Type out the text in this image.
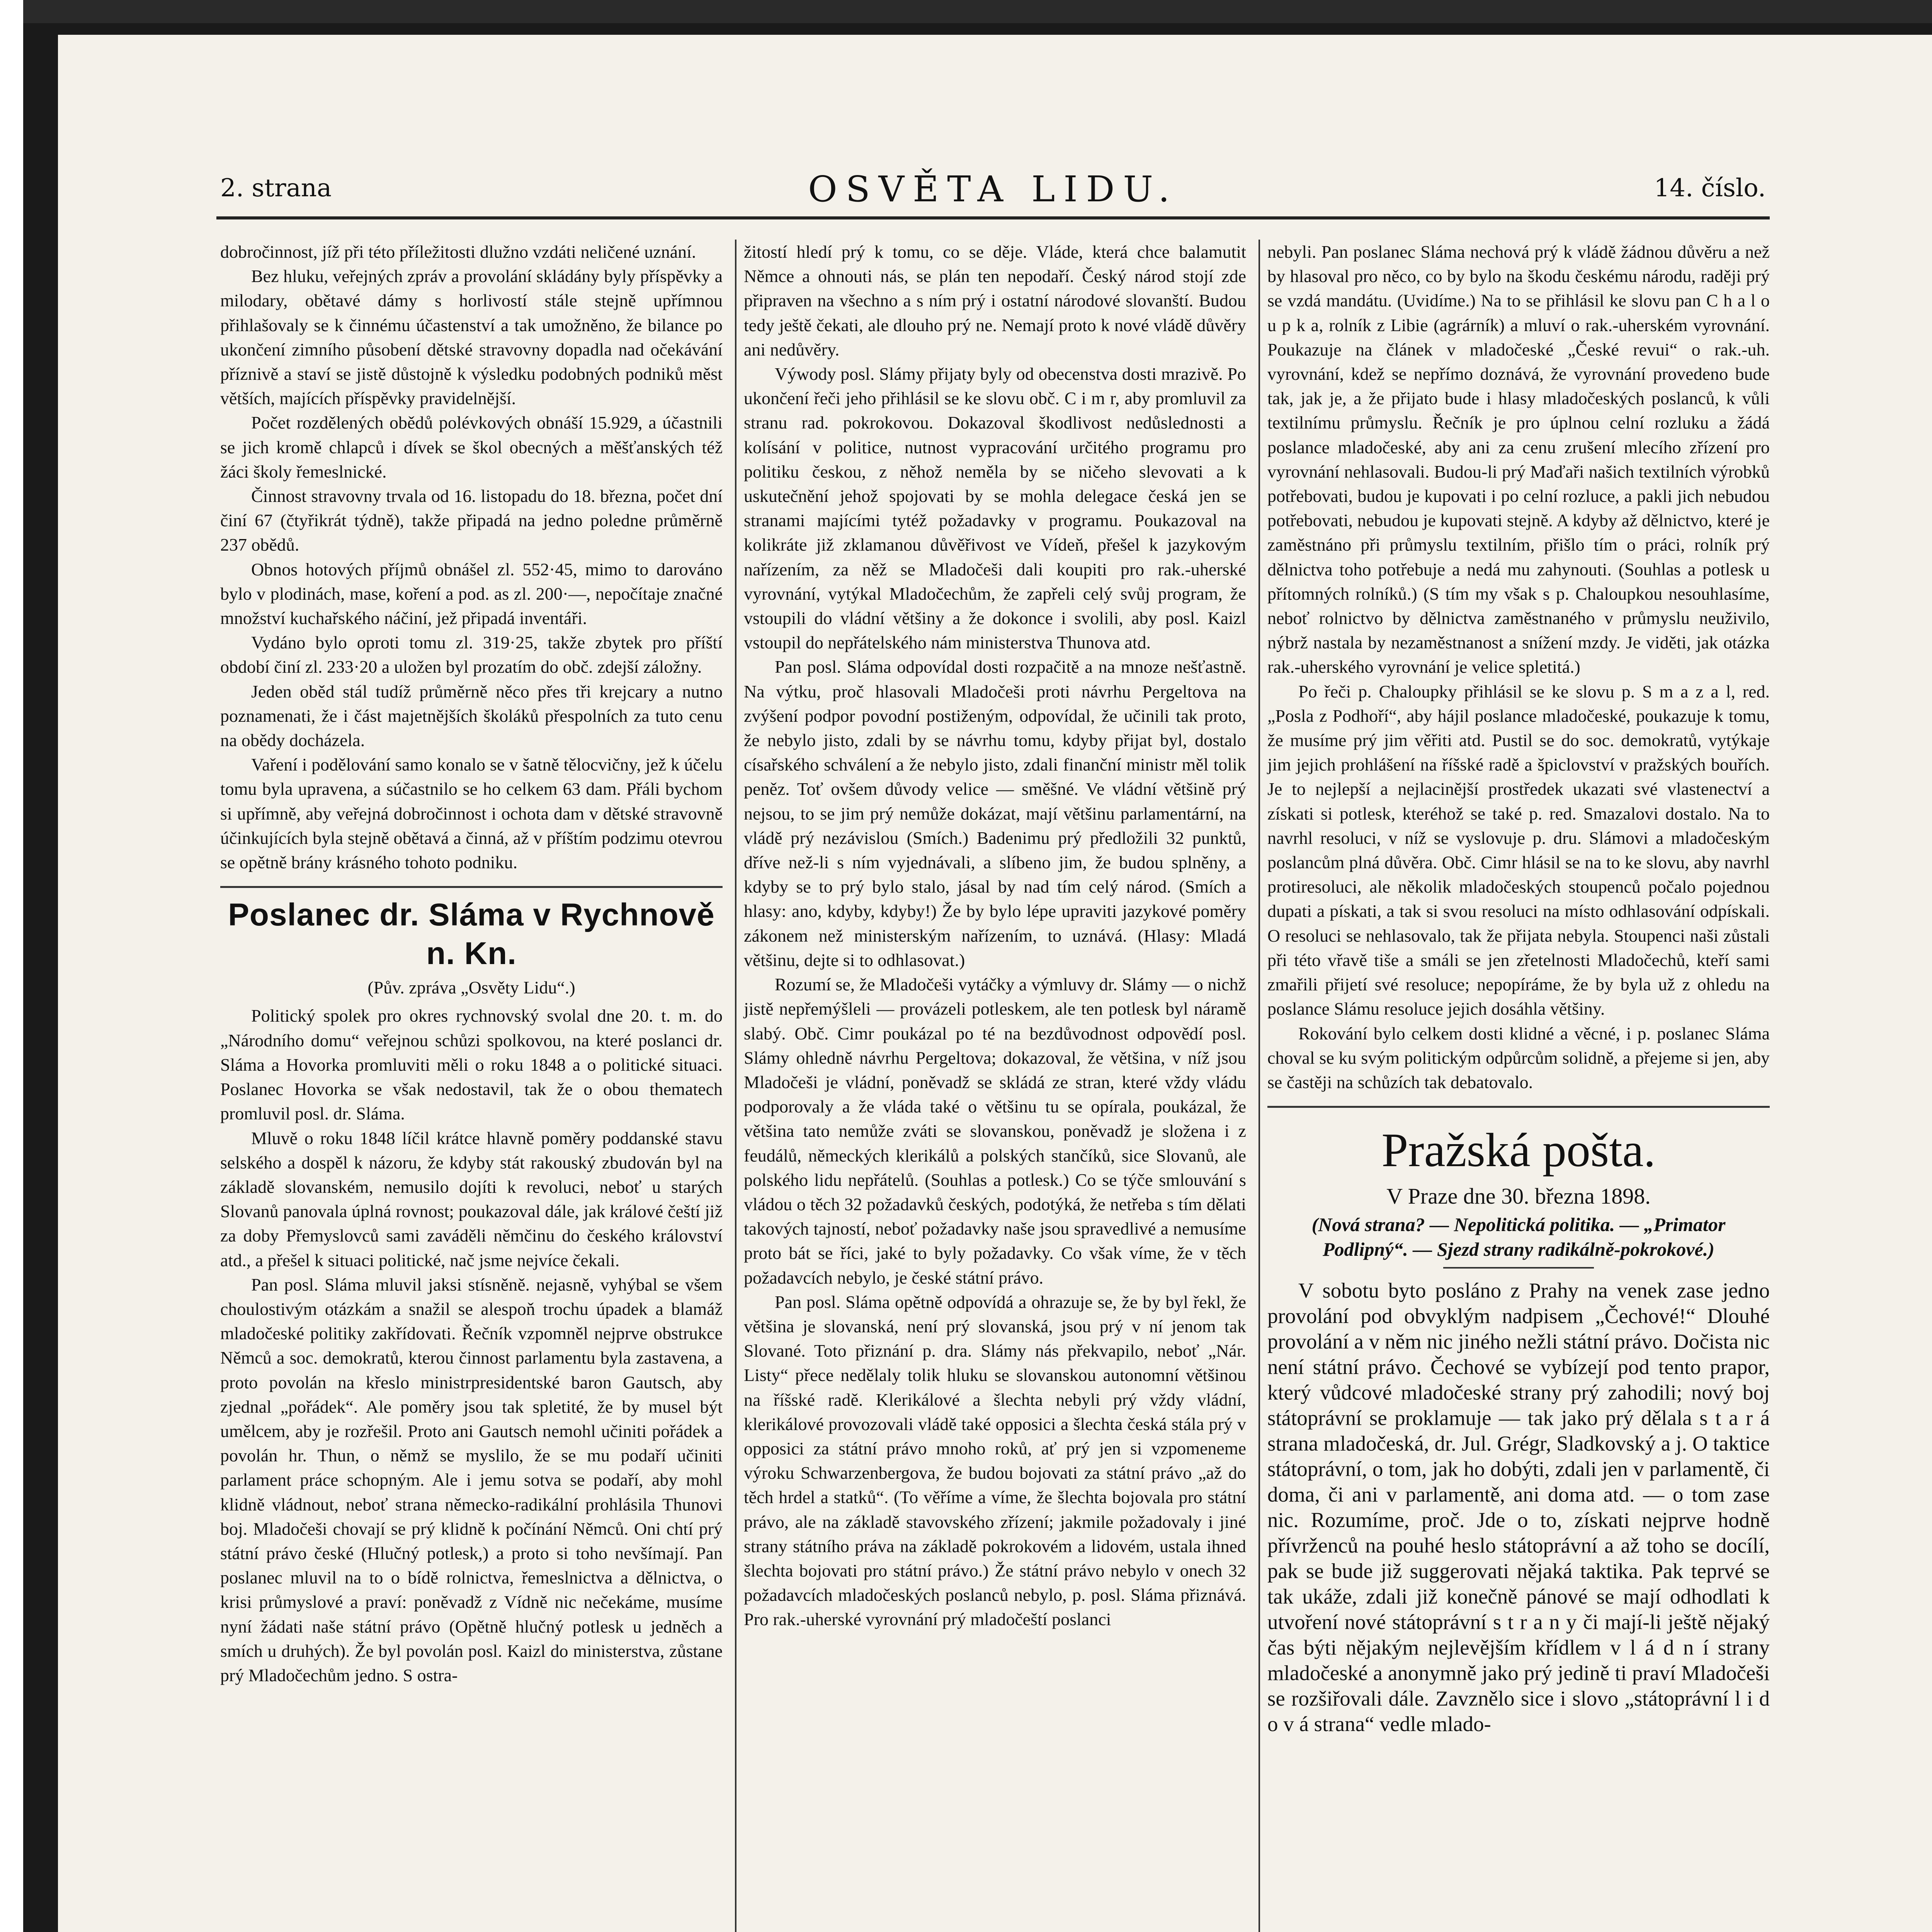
2. strana	OSVĚTA LIDU.	14. číslo.

dobročinnost, jíž při této příležitosti dlužno vzdáti neličené uznání.

Bez hluku, veřejných zpráv a provolání skládány byly příspěvky a milodary, obětavé dámy s horlivostí stále stejně upřímnou přihlašovaly se k činnému účastenství a tak umožněno, že bilance po ukončení zimního působení dětské stravovny dopadla nad očekávání příznivě a staví se jistě důstojně k výsledku podobných podniků měst větších, majících příspěvky pravidelnější.

Počet rozdělených obědů polévkových obnáší 15.929, a účastnili se jich kromě chlapců i dívek se škol obecných a měšťanských též žáci školy řemeslnické.

Činnost stravovny trvala od 16. listopadu do 18. března, počet dní činí 67 (čtyřikrát týdně), takže připadá na jedno poledne průměrně 237 obědů.

Obnos hotových příjmů obnášel zl. 552·45, mimo to darováno bylo v plodinách, mase, koření a pod. as zl. 200·—, nepočítaje značné množství kuchařského náčiní, jež připadá inventáři.

Vydáno bylo oproti tomu zl. 319·25, takže zbytek pro příští období činí zl. 233·20 a uložen byl prozatím do obč. zdejší záložny.

Jeden oběd stál tudíž průměrně něco přes tři krejcary a nutno poznamenati, že i část majetnějších školáků přespolních za tuto cenu na obědy docházela.

Vaření i podělování samo konalo se v šatně tělocvičny, jež k účelu tomu byla upravena, a súčastnilo se ho celkem 63 dam. Přáli bychom si upřímně, aby veřejná dobročinnost i ochota dam v dětské stravovně účinkujících byla stejně obětavá a činná, až v příštím podzimu otevrou se opětně brány krásného tohoto podniku.

Poslanec dr. Sláma v Rychnově n. Kn.
(Pův. zpráva „Osvěty Lidu“.)

Politický spolek pro okres rychnovský svolal dne 20. t. m. do „Národního domu“ veřejnou schůzi spolkovou, na které poslanci dr. Sláma a Hovorka promluviti měli o roku 1848 a o politické situaci. Poslanec Hovorka se však nedostavil, tak že o obou thematech promluvil posl. dr. Sláma.

Mluvě o roku 1848 líčil krátce hlavně poměry poddanské stavu selského a dospěl k názoru, že kdyby stát rakouský zbudován byl na základě slovanském, nemusilo dojíti k revoluci, neboť u starých Slovanů panovala úplná rovnost; poukazoval dále, jak králové čeští již za doby Přemyslovců sami zaváděli němčinu do českého království atd., a přešel k situaci politické, nač jsme nejvíce čekali.

Pan posl. Sláma mluvil jaksi stísněně. nejasně, vyhýbal se všem choulostivým otázkám a snažil se alespoň trochu úpadek a blamáž mladočeské politiky zakřídovati. Řečník vzpomněl nejprve obstrukce Němců a soc. demokratů, kterou činnost parlamentu byla zastavena, a proto povolán na křeslo ministrpresidentské baron Gautsch, aby zjednal „pořádek“. Ale poměry jsou tak spletité, že by musel být umělcem, aby je rozřešil. Proto ani Gautsch nemohl učiniti pořádek a povolán hr. Thun, o němž se myslilo, že se mu podaří učiniti parlament práce schopným. Ale i jemu sotva se podaří, aby mohl klidně vládnout, neboť strana německo-radikální prohlásila Thunovi boj. Mladočeši chovají se prý klidně k počínání Němců. Oni chtí prý státní právo české (Hlučný potlesk,) a proto si toho nevšímají. Pan poslanec mluvil na to o bídě rolnictva, řemeslnictva a dělnictva, o krisi průmyslové a praví: poněvadž z Vídně nic nečekáme, musíme nyní žádati naše státní právo (Opětně hlučný potlesk u jedněch a smích u druhých). Že byl povolán posl. Kaizl do ministerstva, zůstane prý Mladočechům jedno. S ostra-

žitostí hledí prý k tomu, co se děje. Vláde, která chce balamutit Němce a ohnouti nás, se plán ten nepodaří. Český národ stojí zde připraven na všechno a s ním prý i ostatní národové slovanští. Budou tedy ještě čekati, ale dlouho prý ne. Nemají proto k nové vládě důvěry ani nedůvěry.

Výwody posl. Slámy přijaty byly od obecenstva dosti mrazivě. Po ukončení řeči jeho přihlásil se ke slovu obč. C i m r, aby promluvil za stranu rad. pokrokovou. Dokazoval škodlivost nedůslednosti a kolísání v politice, nutnost vypracování určitého programu pro politiku českou, z něhož neměla by se ničeho slevovati a k uskutečnění jehož spojovati by se mohla delegace česká jen se stranami majícími tytéž požadavky v programu. Poukazoval na kolikráte již zklamanou důvěřivost ve Vídeň, přešel k jazykovým nařízením, za něž se Mladočeši dali koupiti pro rak.-uherské vyrovnání, vytýkal Mladočechům, že zapřeli celý svůj program, že vstoupili do vládní většiny a že dokonce i svolili, aby posl. Kaizl vstoupil do nepřátelského nám ministerstva Thunova atd.

Pan posl. Sláma odpovídal dosti rozpačitě a na mnoze nešťastně. Na výtku, proč hlasovali Mladočeši proti návrhu Pergeltova na zvýšení podpor povodní postiženým, odpovídal, že učinili tak proto, že nebylo jisto, zdali by se návrhu tomu, kdyby přijat byl, dostalo císařského schválení a že nebylo jisto, zdali finanční ministr měl tolik peněz. Toť ovšem důvody velice — směšné. Ve vládní většině prý nejsou, to se jim prý nemůže dokázat, mají většinu parlamentární, na vládě prý nezávislou (Smích.) Badenimu prý předložili 32 punktů, dříve než-li s ním vyjednávali, a slíbeno jim, že budou splněny, a kdyby se to prý bylo stalo, jásal by nad tím celý národ. (Smích a hlasy: ano, kdyby, kdyby!) Že by bylo lépe upraviti jazykové poměry zákonem než ministerským nařízením, to uznává. (Hlasy: Mladá většinu, dejte si to odhlasovat.)

Rozumí se, že Mladočeši vytáčky a výmluvy dr. Slámy — o nichž jistě nepřemýšleli — provázeli potleskem, ale ten potlesk byl náramě slabý. Obč. Cimr poukázal po té na bezdůvodnost odpovědí posl. Slámy ohledně návrhu Pergeltova; dokazoval, že většina, v níž jsou Mladočeši je vládní, poněvadž se skládá ze stran, které vždy vládu podporovaly a že vláda také o většinu tu se opírala, poukázal, že většina tato nemůže zváti se slovanskou, poněvadž je složena i z feudálů, německých klerikálů a polských stančíků, sice Slovanů, ale polského lidu nepřátelů. (Souhlas a potlesk.) Co se týče smlouvání s vládou o těch 32 požadavků českých, podotýká, že netřeba s tím dělati takových tajností, neboť požadavky naše jsou spravedlivé a nemusíme proto bát se říci, jaké to byly požadavky. Co však víme, že v těch požadavcích nebylo, je české státní právo.

Pan posl. Sláma opětně odpovídá a ohrazuje se, že by byl řekl, že většina je slovanská, není prý slovanská, jsou prý v ní jenom tak Slované. Toto přiznání p. dra. Slámy nás překvapilo, neboť „Nár. Listy“ přece nedělaly tolik hluku se slovanskou autonomní většinou na říšské radě. Klerikálové a šlechta nebyli prý vždy vládní, klerikálové provozovali vládě také opposici a šlechta česká stála prý v opposici za státní právo mnoho roků, ať prý jen si vzpomeneme výroku Schwarzenbergova, že budou bojovati za státní právo „až do těch hrdel a statků“. (To věříme a víme, že šlechta bojovala pro státní právo, ale na základě stavovského zřízení; jakmile požadovaly i jiné strany státního práva na základě pokrokovém a lidovém, ustala ihned šlechta bojovati pro státní právo.) Že státní právo nebylo v onech 32 požadavcích mladočeských poslanců nebylo, p. posl. Sláma přiznává. Pro rak.-uherské vyrovnání prý mladočeští poslanci

nebyli. Pan poslanec Sláma nechová prý k vládě žádnou důvěru a než by hlasoval pro něco, co by bylo na škodu českému národu, raději prý se vzdá mandátu. (Uvidíme.) Na to se přihlásil ke slovu pan C h a l o u p k a, rolník z Libie (agrárník) a mluví o rak.-uherském vyrovnání. Poukazuje na článek v mladočeské „České revui“ o rak.-uh. vyrovnání, kdež se nepřímo doznává, že vyrovnání provedeno bude tak, jak je, a že přijato bude i hlasy mladočeských poslanců, k vůli textilnímu průmyslu. Řečník je pro úplnou celní rozluku a žádá poslance mladočeské, aby ani za cenu zrušení mlecího zřízení pro vyrovnání nehlasovali. Budou-li prý Maďaři našich textilních výrobků potřebovati, budou je kupovati i po celní rozluce, a pakli jich nebudou potřebovati, nebudou je kupovati stejně. A kdyby až dělnictvo, které je zaměstnáno při průmyslu textilním, přišlo tím o práci, rolník prý dělnictva toho potřebuje a nedá mu zahynouti. (Souhlas a potlesk u přítomných rolníků.) (S tím my však s p. Chaloupkou nesouhlasíme, neboť rolnictvo by dělnictva zaměstnaného v průmyslu neuživilo, nýbrž nastala by nezaměstnanost a snížení mzdy. Je viděti, jak otázka rak.-uherského vyrovnání je velice spletitá.)

Po řeči p. Chaloupky přihlásil se ke slovu p. S m a z a l, red. „Posla z Podhoří“, aby hájil poslance mladočeské, poukazuje k tomu, že musíme prý jim věřiti atd. Pustil se do soc. demokratů, vytýkaje jim jejich prohlášení na říšské radě a špiclovství v pražských bouřích. Je to nejlepší a nejlacinější prostředek ukazati své vlastenectví a získati si potlesk, kteréhož se také p. red. Smazalovi dostalo. Na to navrhl resoluci, v níž se vyslovuje p. dru. Slámovi a mladočeským poslancům plná důvěra. Obč. Cimr hlásil se na to ke slovu, aby navrhl protiresoluci, ale několik mladočeských stoupenců počalo pojednou dupati a pískati, a tak si svou resoluci na místo odhlasování odpískali. O resoluci se nehlasovalo, tak že přijata nebyla. Stoupenci naši zůstali při této vřavě tiše a smáli se jen zřetelnosti Mladočechů, kteří sami zmařili přijetí své resoluce; nepopíráme, že by byla už z ohledu na poslance Slámu resoluce jejich dosáhla většiny.

Rokování bylo celkem dosti klidné a věcné, i p. poslanec Sláma choval se ku svým politickým odpůrcům solidně, a přejeme si jen, aby se častěji na schůzích tak debatovalo.

Pražská pošta.
V Praze dne 30. března 1898.
(Nová strana? — Nepolitická politika. — „Primator Podlipný“. — Sjezd strany radikálně-pokrokové.)

V sobotu byto posláno z Prahy na venek zase jedno provolání pod obvyklým nadpisem „Čechové!“ Dlouhé provolání a v něm nic jiného nežli státní právo. Dočista nic není státní právo. Čechové se vybízejí pod tento prapor, který vůdcové mladočeské strany prý zahodili; nový boj státoprávní se proklamuje — tak jako prý dělala s t a r á strana mladočeská, dr. Jul. Grégr, Sladkovský a j. O taktice státoprávní, o tom, jak ho dobýti, zdali jen v parlamentě, či doma, či ani v parlamentě, ani doma atd. — o tom zase nic. Rozumíme, proč. Jde o to, získati nejprve hodně přívrženců na pouhé heslo státoprávní a až toho se docílí, pak se bude již suggerovati nějaká taktika. Pak teprvé se tak ukáže, zdali již konečně pánové se mají odhodlati k utvoření nové státoprávní s t r a n y či mají-li ještě nějaký čas býti nějakým nejlevějším křídlem v l á d n í strany mladočeské a anonymně jako prý jedině ti praví Mladočeši se rozšiřovali dále. Zavznělo sice i slovo „státoprávní l i d o v á strana“ vedle mlado-
